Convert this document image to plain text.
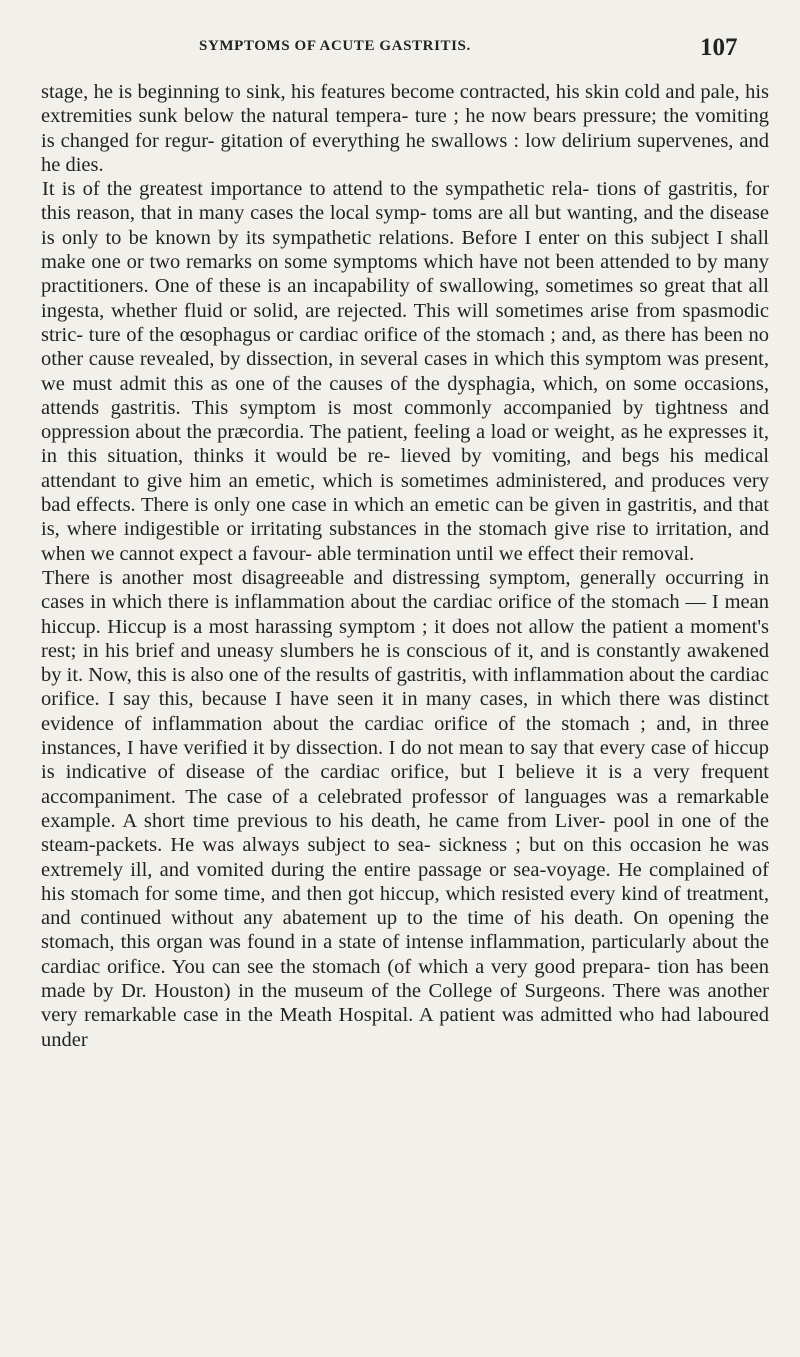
SYMPTOMS OF ACUTE GASTRITIS.	107

stage, he is beginning to sink, his features become contracted, his skin cold and pale, his extremities sunk below the natural tempera- ture ; he now bears pressure; the vomiting is changed for regur- gitation of everything he swallows : low delirium supervenes, and he dies.

It is of the greatest importance to attend to the sympathetic rela- tions of gastritis, for this reason, that in many cases the local symp- toms are all but wanting, and the disease is only to be known by its sympathetic relations. Before I enter on this subject I shall make one or two remarks on some symptoms which have not been attended to by many practitioners. One of these is an incapability of swallowing, sometimes so great that all ingesta, whether fluid or solid, are rejected. This will sometimes arise from spasmodic stric- ture of the œsophagus or cardiac orifice of the stomach ; and, as there has been no other cause revealed, by dissection, in several cases in which this symptom was present, we must admit this as one of the causes of the dysphagia, which, on some occasions, attends gastritis. This symptom is most commonly accompanied by tightness and oppression about the præcordia. The patient, feeling a load or weight, as he expresses it, in this situation, thinks it would be re- lieved by vomiting, and begs his medical attendant to give him an emetic, which is sometimes administered, and produces very bad effects. There is only one case in which an emetic can be given in gastritis, and that is, where indigestible or irritating substances in the stomach give rise to irritation, and when we cannot expect a favour- able termination until we effect their removal.

There is another most disagreeable and distressing symptom, generally occurring in cases in which there is inflammation about the cardiac orifice of the stomach — I mean hiccup. Hiccup is a most harassing symptom ; it does not allow the patient a moment's rest; in his brief and uneasy slumbers he is conscious of it, and is constantly awakened by it. Now, this is also one of the results of gastritis, with inflammation about the cardiac orifice. I say this, because I have seen it in many cases, in which there was distinct evidence of inflammation about the cardiac orifice of the stomach ; and, in three instances, I have verified it by dissection. I do not mean to say that every case of hiccup is indicative of disease of the cardiac orifice, but I believe it is a very frequent accompaniment. The case of a celebrated professor of languages was a remarkable example. A short time previous to his death, he came from Liver- pool in one of the steam-packets. He was always subject to sea- sickness ; but on this occasion he was extremely ill, and vomited during the entire passage or sea-voyage. He complained of his stomach for some time, and then got hiccup, which resisted every kind of treatment, and continued without any abatement up to the time of his death. On opening the stomach, this organ was found in a state of intense inflammation, particularly about the cardiac orifice. You can see the stomach (of which a very good prepara- tion has been made by Dr. Houston) in the museum of the College of Surgeons. There was another very remarkable case in the Meath Hospital. A patient was admitted who had laboured under
